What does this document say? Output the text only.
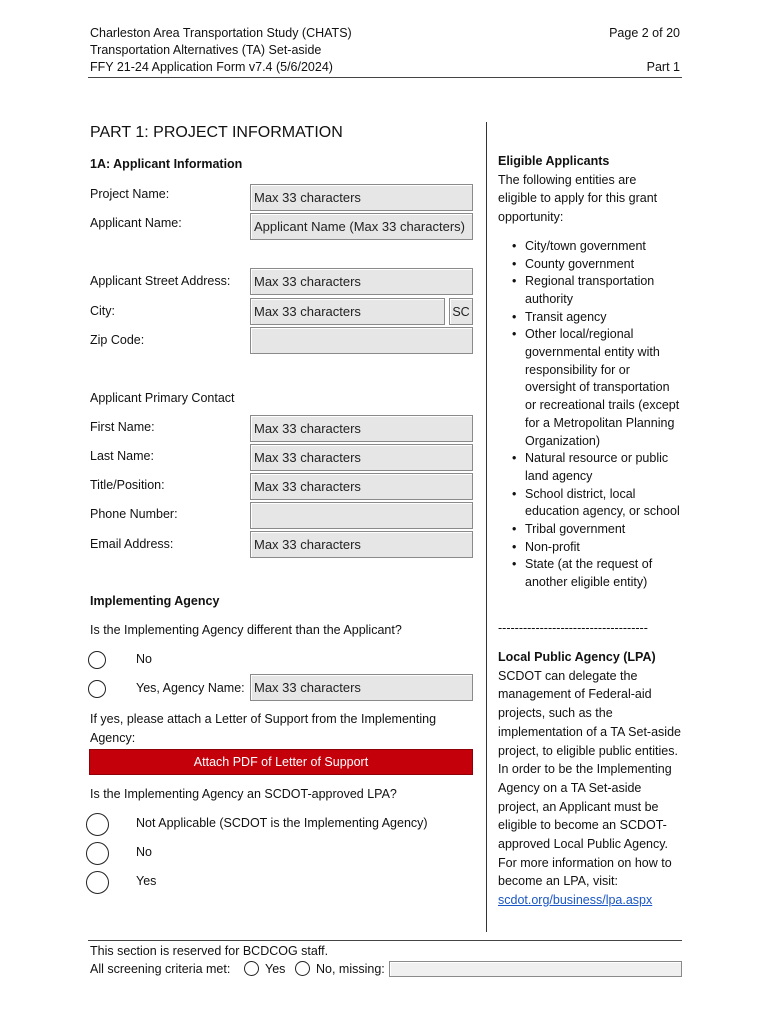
Charleston Area Transportation Study (CHATS)
Transportation Alternatives (TA) Set-aside
FFY 21-24 Application Form v7.4 (5/6/2024)
Page 2 of 20
Part 1
PART 1: PROJECT INFORMATION
1A: Applicant Information
Project Name:	Max 33 characters
Applicant Name:	Applicant Name (Max 33 characters)
Applicant Street Address:	Max 33 characters
City:	Max 33 characters	SC
Zip Code:
Applicant Primary Contact
First Name:	Max 33 characters
Last Name:	Max 33 characters
Title/Position:	Max 33 characters
Phone Number:
Email Address:	Max 33 characters
Implementing Agency
Is the Implementing Agency different than the Applicant?
No
Yes, Agency Name: Max 33 characters
If yes, please attach a Letter of Support from the Implementing Agency:
Attach PDF of Letter of Support
Is the Implementing Agency an SCDOT-approved LPA?
Not Applicable (SCDOT is the Implementing Agency)
No
Yes
Eligible Applicants
The following entities are eligible to apply for this grant opportunity:
• City/town government
• County government
• Regional transportation authority
• Transit agency
• Other local/regional governmental entity with responsibility for or oversight of transportation or recreational trails (except for a Metropolitan Planning Organization)
• Natural resource or public land agency
• School district, local education agency, or school
• Tribal government
• Non-profit
• State (at the request of another eligible entity)
------------------------------------
Local Public Agency (LPA)
SCDOT can delegate the management of Federal-aid projects, such as the implementation of a TA Set-aside project, to eligible public entities. In order to be the Implementing Agency on a TA Set-aside project, an Applicant must be eligible to become an SCDOT-approved Local Public Agency. For more information on how to become an LPA, visit:
scdot.org/business/lpa.aspx
This section is reserved for BCDCOG staff.
All screening criteria met:	Yes No, missing:
